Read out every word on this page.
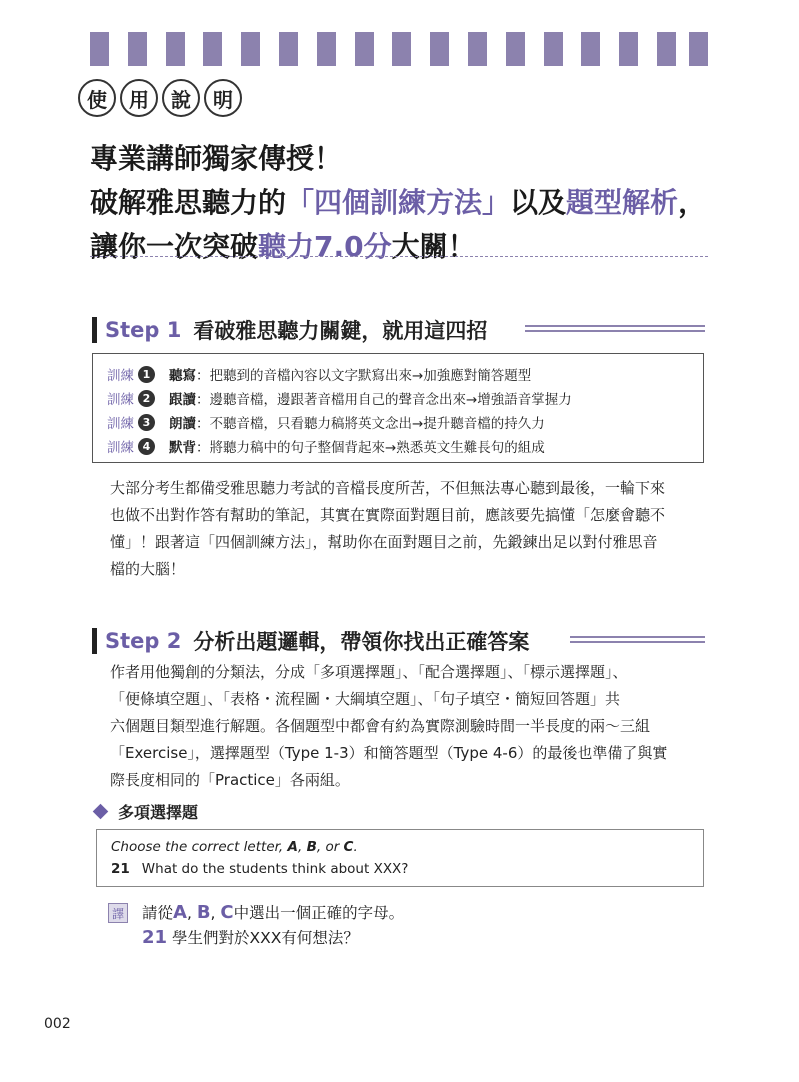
使	用	說	明
專業講師獨家傳授！
破解雅思聽力的「四個訓練方法」以及題型解析，
讓你一次突破聽力7.0分大關！
Step 1 看破雅思聽力關鍵，就用這四招
訓練 1	聽寫 ：把聽到的音檔內容以文字默寫出來→加強應對簡答題型
訓練 2	跟讀 ：邊聽音檔，邊跟著音檔用自己的聲音念出來→增強語音掌握力
訓練 3	朗讀 ：不聽音檔，只看聽力稿將英文念出→提升聽音檔的持久力
訓練 4	默背 ：將聽力稿中的句子整個背起來→熟悉英文生難長句的組成
大部分考生都備受雅思聽力考試的音檔長度所苦，不但無法專心聽到最後，一輪下來
也做不出對作答有幫助的筆記，其實在實際面對題目前，應該要先搞懂「怎麼會聽不
懂」！跟著這「四個訓練方法」，幫助你在面對題目之前，先鍛鍊出足以對付雅思音
檔的大腦！
Step 2 分析出題邏輯，帶領你找出正確答案
作者用他獨創的分類法，分成「多項選擇題」、「配合選擇題」、「標示選擇題」、
「便條填空題」、「表格・流程圖・大綱填空題」、「句子填空・簡短回答題」共
六個題目類型進行解題。各個題型中都會有約為實際測驗時間一半長度的兩～三組
「Exercise」，選擇題型（Type 1-3）和簡答題型（Type 4-6）的最後也準備了與實
際長度相同的「Practice」各兩組。
多項選擇題
Choose the correct letter, A, B, or C.
21 What do the students think about XXX?
譯 請從A, B, C中選出一個正確的字母。
21 學生們對於XXX有何想法？
002
